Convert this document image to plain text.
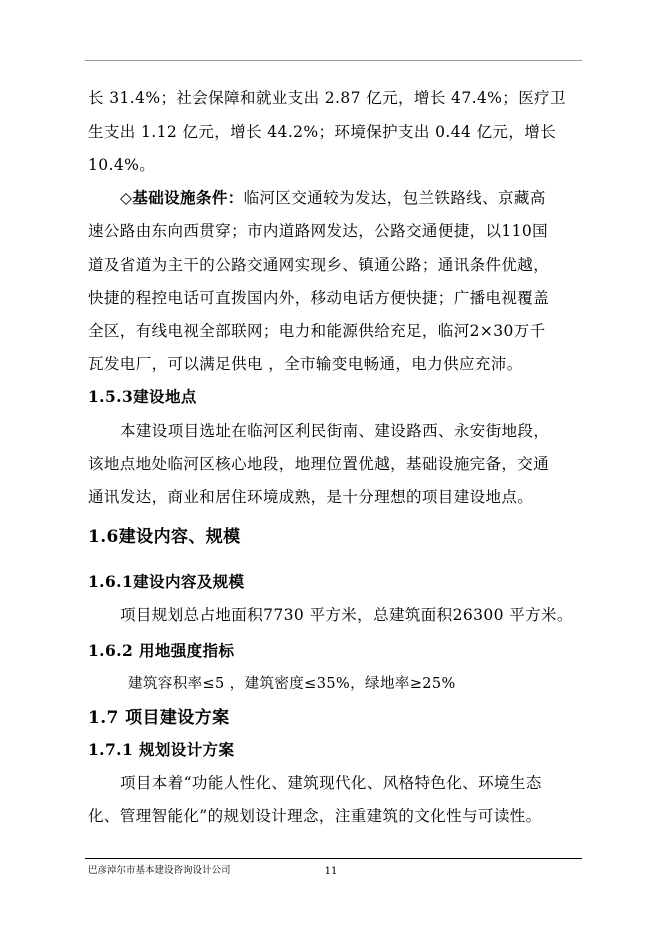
长 31.4%；社会保障和就业支出 2.87 亿元，增长 47.4%；医疗卫
生支出 1.12 亿元，增长 44.2%；环境保护支出 0.44 亿元，增长
10.4%。
◇基础设施条件：临河区交通较为发达，包兰铁路线、京藏高
速公路由东向西贯穿；市内道路网发达，公路交通便捷，以110国
道及省道为主干的公路交通网实现乡、镇通公路；通讯条件优越，
快捷的程控电话可直拨国内外，移动电话方便快捷；广播电视覆盖
全区，有线电视全部联网；电力和能源供给充足，临河2×30万千
瓦发电厂，可以满足供电 ，全市输变电畅通，电力供应充沛。
1.5.3建设地点
本建设项目选址在临河区利民街南、建设路西、永安街地段，
该地点地处临河区核心地段，地理位置优越，基础设施完备，交通
通讯发达，商业和居住环境成熟，是十分理想的项目建设地点。
1.6建设内容、规模
1.6.1建设内容及规模
项目规划总占地面积7730 平方米，总建筑面积26300 平方米。
1.6.2 用地强度指标
建筑容积率≤5 ，建筑密度≤35%，绿地率≥25%
1.7 项目建设方案
1.7.1 规划设计方案
项目本着“功能人性化、建筑现代化、风格特色化、环境生态
化、管理智能化”的规划设计理念，注重建筑的文化性与可读性。
巴彦淖尔市基本建设咨询设计公司	11
